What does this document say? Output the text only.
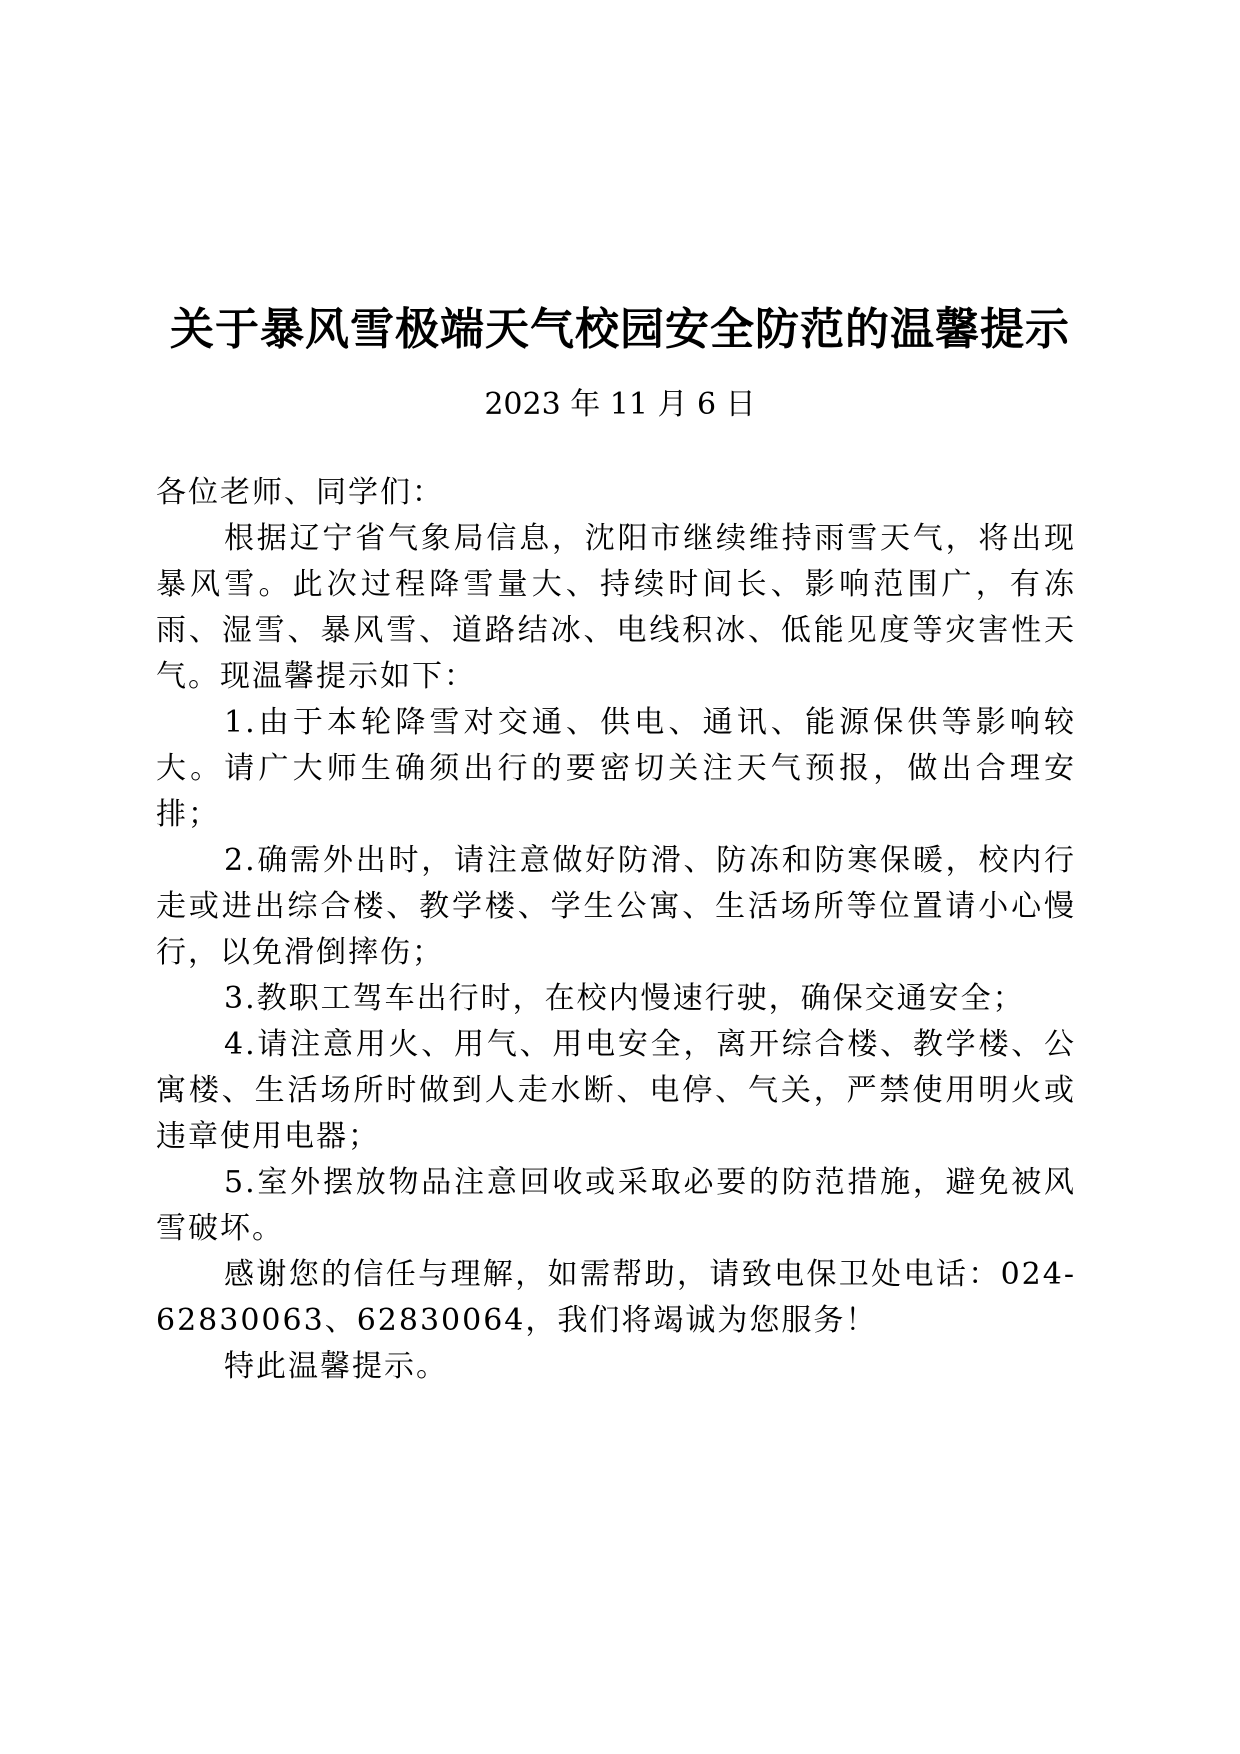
关于暴风雪极端天气校园安全防范的温馨提示
2023 年 11 月 6 日

各位老师、同学们：

根据辽宁省气象局信息，沈阳市继续维持雨雪天气，将出现暴风雪。此次过程降雪量大、持续时间长、影响范围广，有冻雨、湿雪、暴风雪、道路结冰、电线积冰、低能见度等灾害性天气。现温馨提示如下：

1.由于本轮降雪对交通、供电、通讯、能源保供等影响较大。请广大师生确须出行的要密切关注天气预报，做出合理安排；

2.确需外出时，请注意做好防滑、防冻和防寒保暖，校内行走或进出综合楼、教学楼、学生公寓、生活场所等位置请小心慢行，以免滑倒摔伤；

3.教职工驾车出行时，在校内慢速行驶，确保交通安全；

4.请注意用火、用气、用电安全，离开综合楼、教学楼、公寓楼、生活场所时做到人走水断、电停、气关，严禁使用明火或违章使用电器；

5.室外摆放物品注意回收或采取必要的防范措施，避免被风雪破坏。

感谢您的信任与理解，如需帮助，请致电保卫处电话：024-62830063、62830064，我们将竭诚为您服务！

特此温馨提示。
